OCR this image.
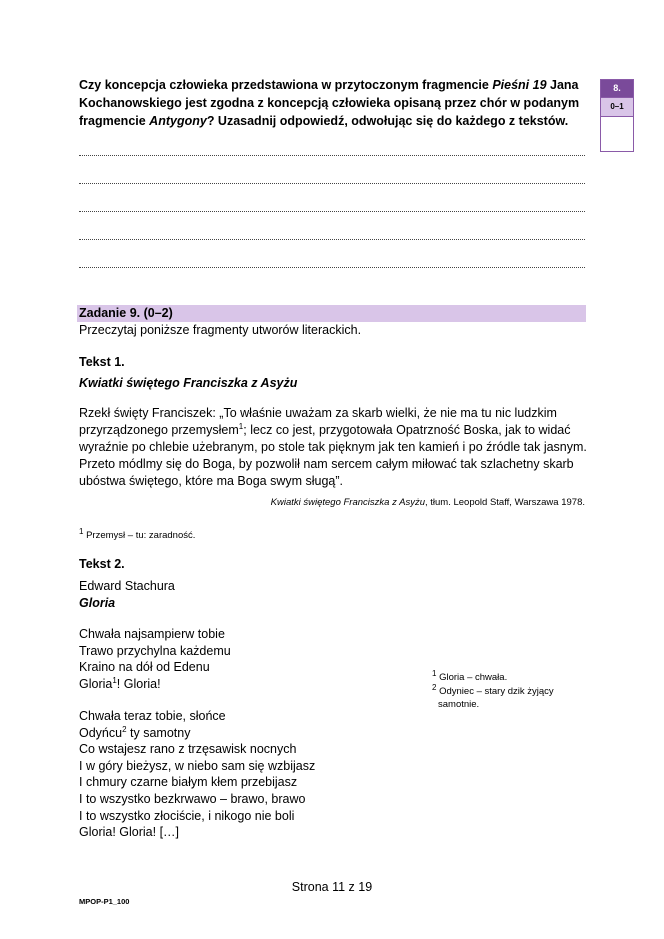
Czy koncepcja człowieka przedstawiona w przytoczonym fragmencie Pieśni 19 Jana Kochanowskiego jest zgodna z koncepcją człowieka opisaną przez chór w podanym fragmencie Antygony? Uzasadnij odpowiedź, odwołując się do każdego z tekstów.
8.
0–1
Zadanie 9. (0–2)
Przeczytaj poniższe fragmenty utworów literackich.
Tekst 1.
Kwiatki świętego Franciszka z Asyżu
Rzekł święty Franciszek: „To właśnie uważam za skarb wielki, że nie ma tu nic ludzkim przyrządzonego przemysłem$^1$; lecz co jest, przygotowała Opatrzność Boska, jak to widać wyraźnie po chlebie użebranym, po stole tak pięknym jak ten kamień i po źródle tak jasnym. Przeto módlmy się do Boga, by pozwolił nam sercem całym miłować tak szlachetny skarb ubóstwa świętego, które ma Boga swym sługą”.
Kwiatki świętego Franciszka z Asyżu, tłum. Leopold Staff, Warszawa 1978.
$^1$ Przemysł – tu: zaradność.
Tekst 2.
Edward Stachura
Gloria
Chwała najsampierw tobie
Trawo przychylna każdemu
Kraino na dół od Edenu
Gloria$^1$! Gloria!
Chwała teraz tobie, słońce
Odyńcu$^2$ ty samotny
Co wstajesz rano z trzęsawisk nocnych
I w góry bieżysz, w niebo sam się wzbijasz
I chmury czarne białym kłem przebijasz
I to wszystko bezkrwawo – brawo, brawo
I to wszystko złociście, i nikogo nie boli
Gloria! Gloria! […]
$^1$ Gloria – chwała.
$^2$ Odyniec – stary dzik żyjący
samotnie.
Strona 11 z 19
MPOP-P1_100
